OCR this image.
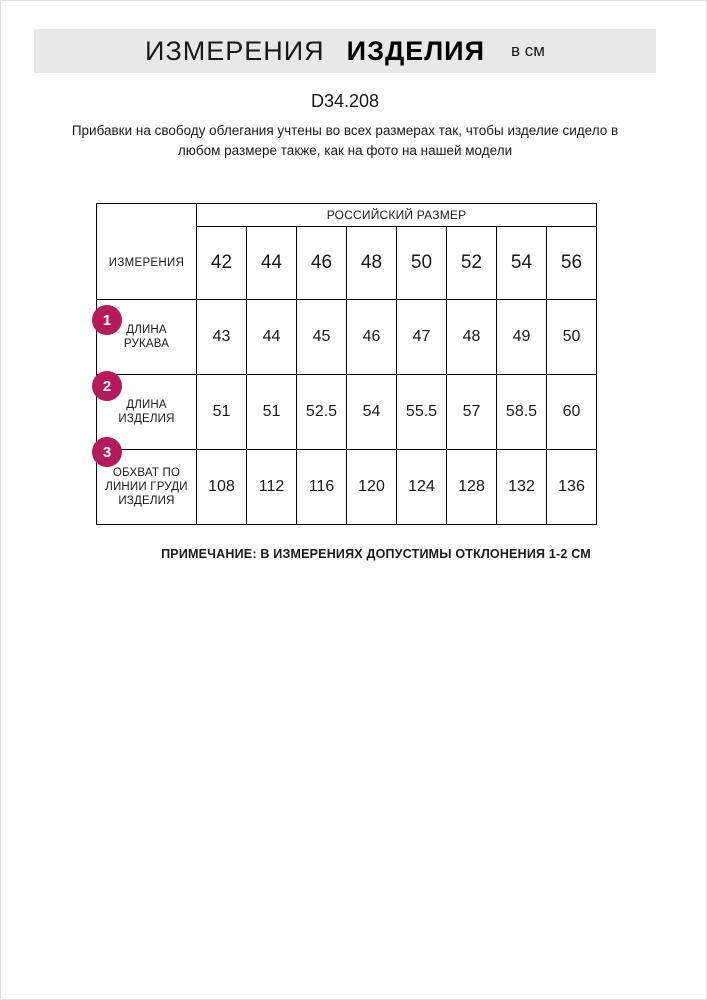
ИЗМЕРЕНИЯ ИЗДЕЛИЯ в см
D34.208
Прибавки на свободу облегания учтены во всех размерах так, чтобы изделие сидело в любом размере также, как на фото на нашей модели
1
2
3
	РОССИЙСКИЙ РАЗМЕР							
ИЗМЕРЕНИЯ	42	44	46	48	50	52	54	56
ДЛИНА РУКАВА	43	44	45	46	47	48	49	50
ДЛИНА ИЗДЕЛИЯ	51	51	52.5	54	55.5	57	58.5	60
ОБХВАТ ПО ЛИНИИ ГРУДИ ИЗДЕЛИЯ	108	112	116	120	124	128	132	136
ПРИМЕЧАНИЕ: В ИЗМЕРЕНИЯХ ДОПУСТИМЫ ОТКЛОНЕНИЯ 1-2 СМ
